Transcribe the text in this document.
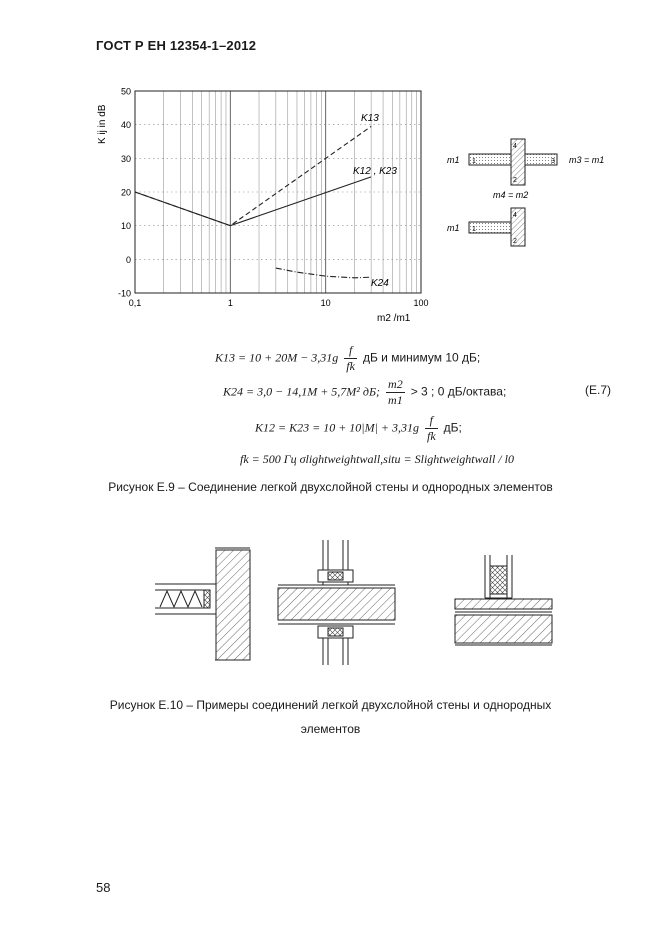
ГОСТ Р ЕН 12354-1–2012
50
40
30
20
10
0
-10
0,1	1	10	100
K ij in dB
m2 /m1
K13
K12 , K23
K24
1	3
4
2
m1	m3 = m1
m4 = m2
1
4
2
m1
$K13 = 10 + 20M - 3,31g \frac{f}{fk}$ дБ и минимум 10 дБ;
K24 = 3,0 − 14,1M + 5,7M² дБ; $\frac{m2}{m1} > 3$ ; 0 дБ/октава;	(E.7)
$K12 = K23 = 10 + 10|M| + 3,31g \frac{f}{fk}$ дБ;
fk = 500 Гц σlightweightwall,situ = Slightweightwall / l0
Рисунок Е.9 – Соединение легкой двухслойной стены и однородных элементов
Рисунок Е.10 – Примеры соединений легкой двухслойной стены и однородных
элементов
58
